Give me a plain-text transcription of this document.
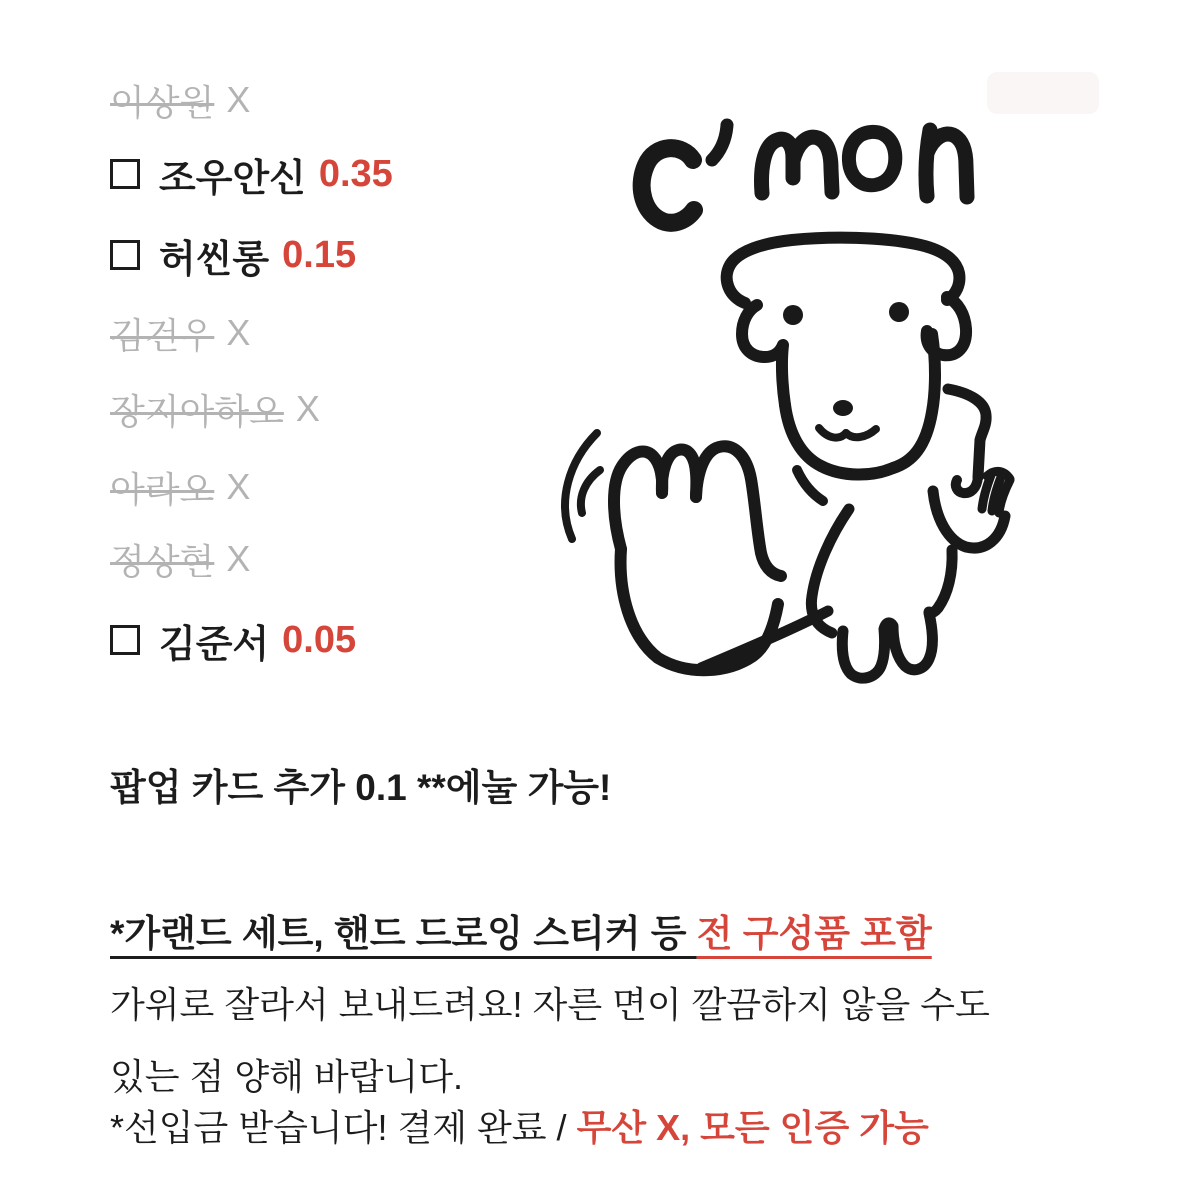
이상원 X
조우안신 0.35
허씬롱 0.15
김건우 X
장지아하오 X
아라오 X
정상현 X
김준서 0.05
팝업 카드 추가 0.1 **에눌 가능!
*가랜드 세트, 핸드 드로잉 스티커 등 전 구성품 포함
가위로 잘라서 보내드려요! 자른 면이 깔끔하지 않을 수도
있는 점 양해 바랍니다.
*선입금 받습니다! 결제 완료 / 무산 X, 모든 인증 가능
